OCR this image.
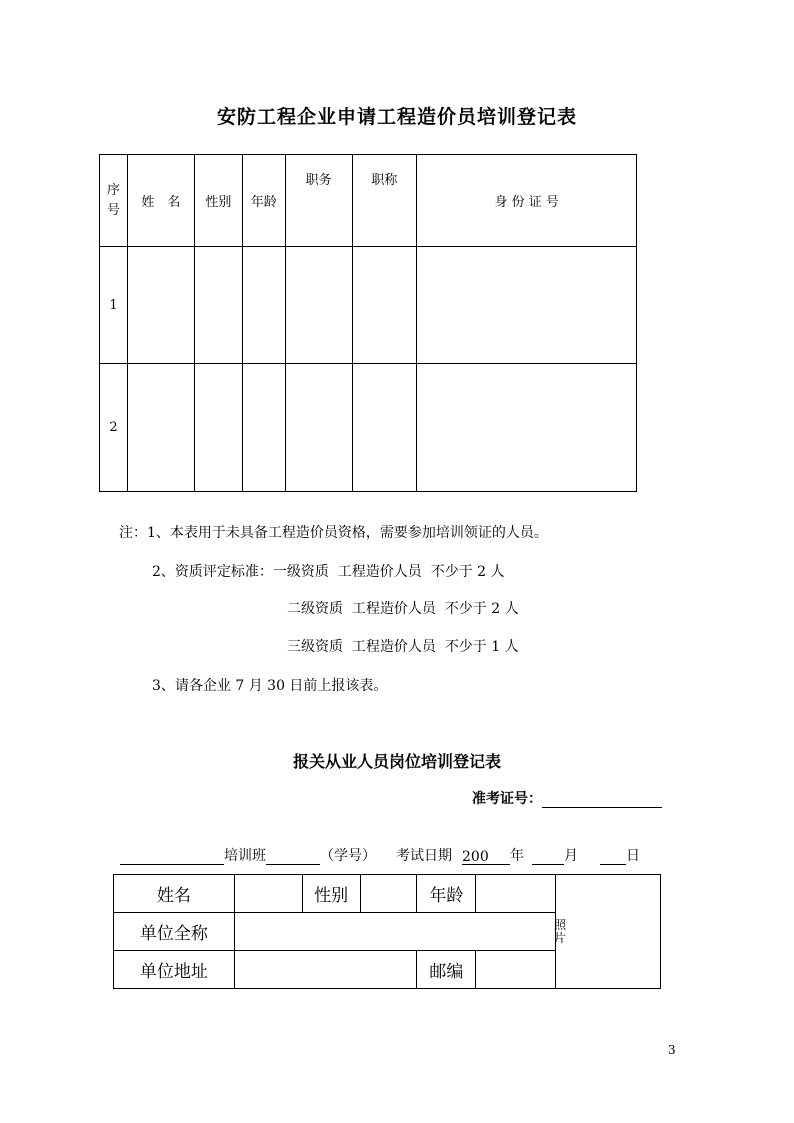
安防工程企业申请工程造价员培训登记表
序号	姓　名	性别	年龄	职务	职称	身 份 证 号
1						
2						
注：1、本表用于未具备工程造价员资格，需要参加培训领证的人员。
2、资质评定标准：一级资质  工程造价人员  不少于 2 人
二级资质  工程造价人员  不少于 2 人
三级资质  工程造价人员  不少于 1 人
3、请各企业 7 月 30 日前上报该表。
报关从业人员岗位培训登记表
准考证号：
培训班	（学号） 考试日期 200 年	月	日
姓名		性别		年龄		照片
单位全称						
单位地址				邮编		
3
